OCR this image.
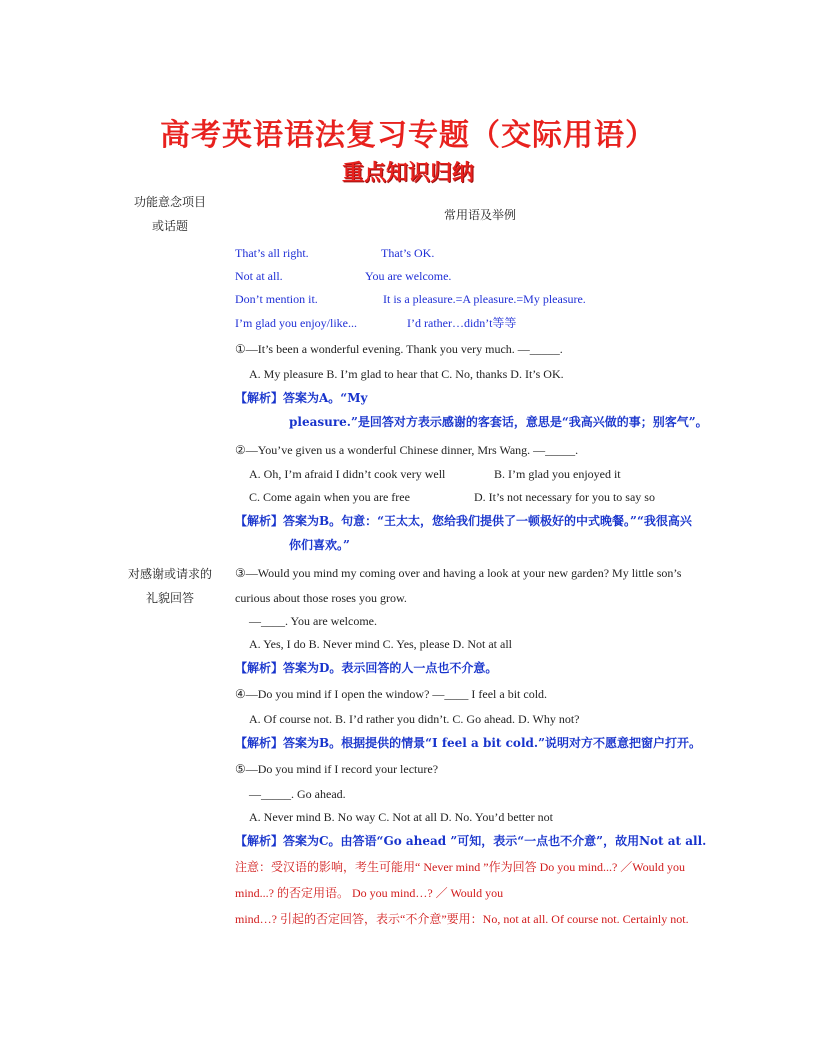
高考英语语法复习专题（交际用语）
重点知识归纳
功能意念项目
或话题
常用语及举例
That’s all right.	That’s OK.
Not at all.	You are welcome.
Don’t mention it.	It is a pleasure.=A pleasure.=My pleasure.
I’m glad you enjoy/like...	I’d rather…didn’t等等
①—It’s been a wonderful evening. Thank you very much. —_____.
A. My pleasure B. I’m glad to hear that C. No, thanks D. It’s OK.
【解析】答案为A。“My
pleasure.”是回答对方表示感谢的客套话，意思是“我高兴做的事；别客气”。
②—You’ve given us a wonderful Chinese dinner, Mrs Wang. —_____.
A. Oh, I’m afraid I didn’t cook very well	B. I’m glad you enjoyed it
C. Come again when you are free	D. It’s not necessary for you to say so
【解析】答案为B。句意：“王太太，您给我们提供了一顿极好的中式晚餐。”“我很高兴
你们喜欢。”
对感谢或请求的
礼貌回答
③—Would you mind my coming over and having a look at your new garden? My little son’s
curious about those roses you grow.
—____. You are welcome.
A. Yes, I do B. Never mind C. Yes, please D. Not at all
【解析】答案为D。表示回答的人一点也不介意。
④—Do you mind if I open the window? —____ I feel a bit cold.
A. Of course not. B. I’d rather you didn’t. C. Go ahead. D. Why not?
【解析】答案为B。根据提供的情景“I feel a bit cold.”说明对方不愿意把窗户打开。
⑤—Do you mind if I record your lecture?
—_____. Go ahead.
A. Never mind B. No way C. Not at all D. No. You’d better not
【解析】答案为C。由答语“Go ahead ”可知，表示“一点也不介意”，故用Not at all.
注意：受汉语的影响，考生可能用“ Never mind ”作为回答 Do you mind...? ／Would you
mind...? 的否定用语。 Do you mind…? ／ Would you
mind…? 引起的否定回答，表示“不介意”要用：No, not at all. Of course not. Certainly not.
